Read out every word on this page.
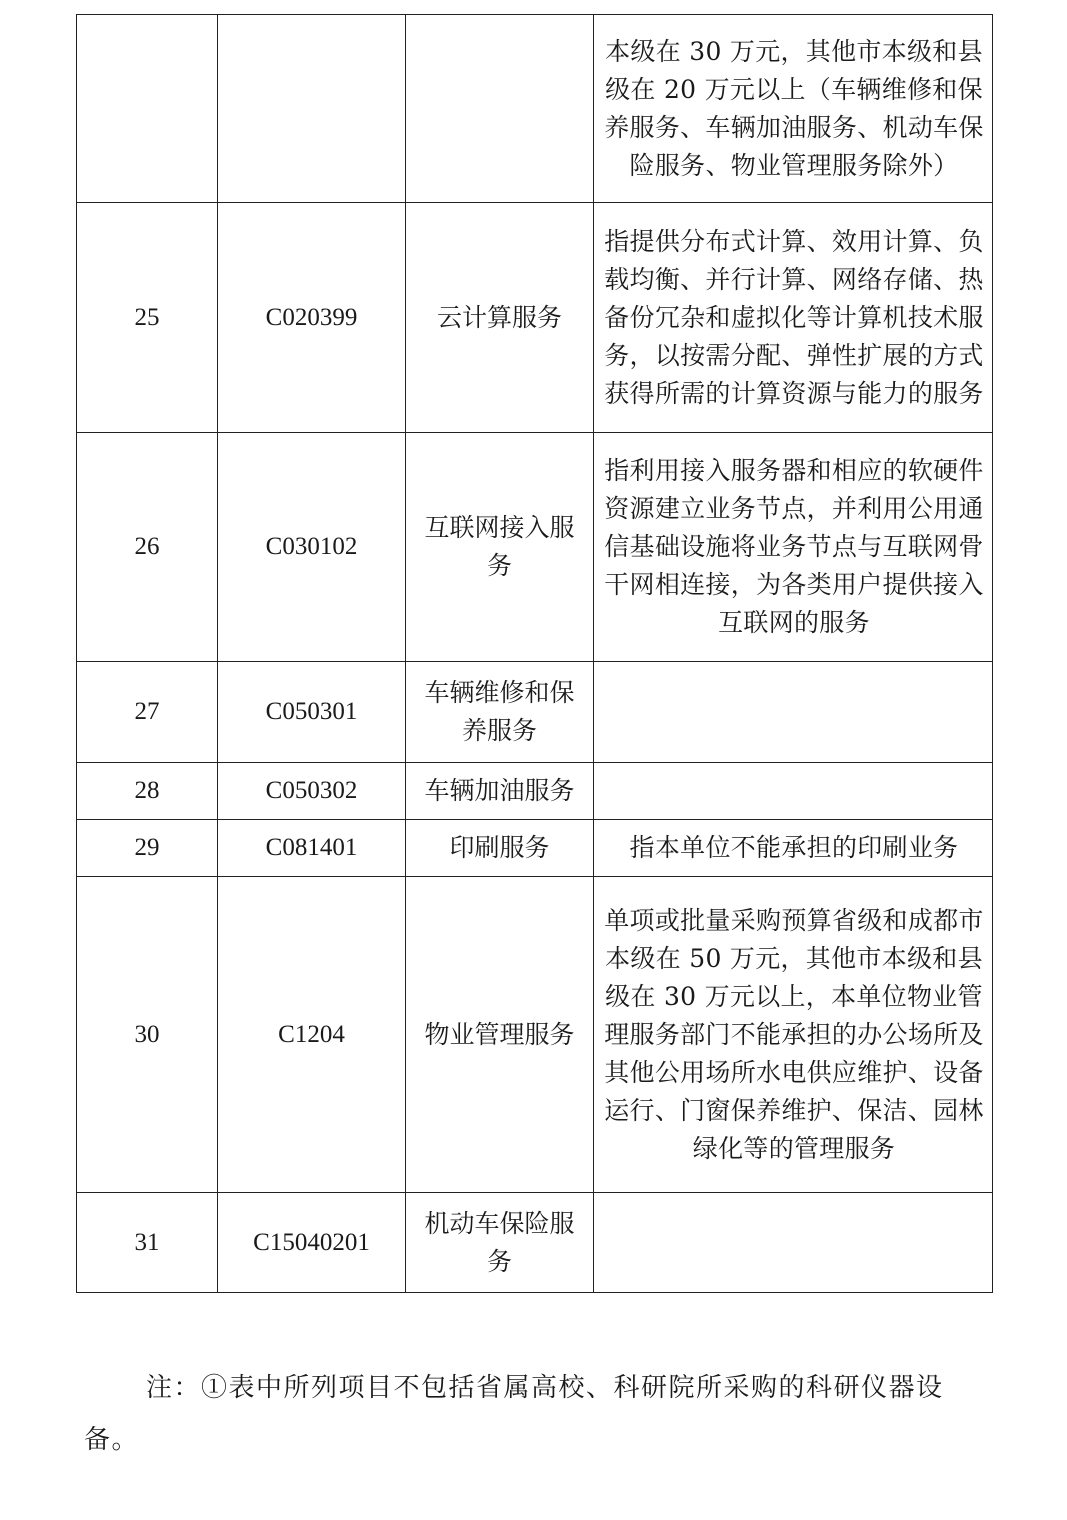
			本级在 30 万元，其他市本级和县级在 20 万元以上（车辆维修和保养服务、车辆加油服务、机动车保险服务、物业管理服务除外）
25	C020399	云计算服务	指提供分布式计算、效用计算、负载均衡、并行计算、网络存储、热备份冗杂和虚拟化等计算机技术服务，以按需分配、弹性扩展的方式获得所需的计算资源与能力的服务
26	C030102	互联网接入服务	指利用接入服务器和相应的软硬件资源建立业务节点，并利用公用通信基础设施将业务节点与互联网骨干网相连接，为各类用户提供接入互联网的服务
27	C050301	车辆维修和保养服务	
28	C050302	车辆加油服务	
29	C081401	印刷服务	指本单位不能承担的印刷业务
30	C1204	物业管理服务	单项或批量采购预算省级和成都市本级在 50 万元，其他市本级和县级在 30 万元以上，本单位物业管理服务部门不能承担的办公场所及其他公用场所水电供应维护、设备运行、门窗保养维护、保洁、园林绿化等的管理服务
31	C15040201	机动车保险服务	

注：①表中所列项目不包括省属高校、科研院所采购的科研仪器设备。
